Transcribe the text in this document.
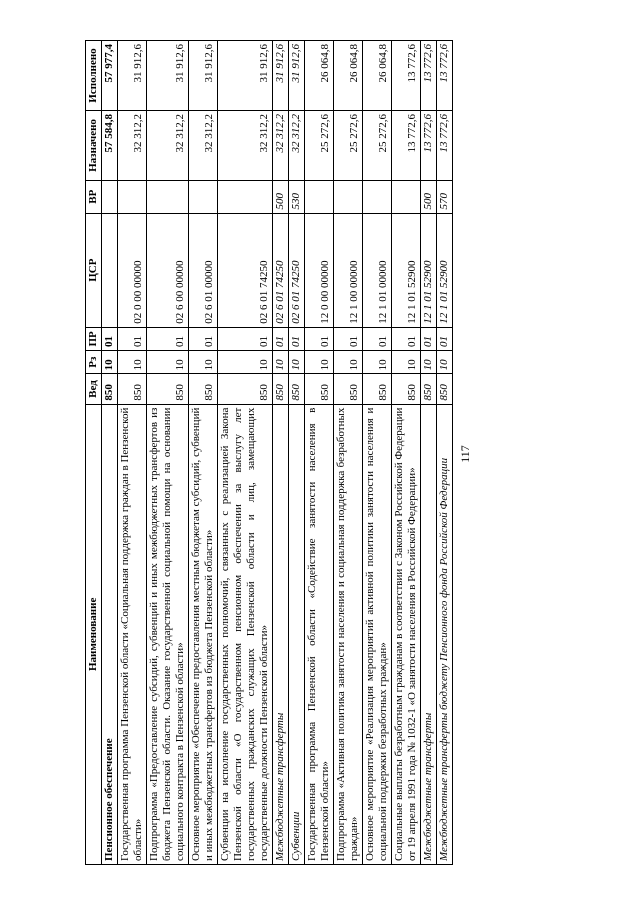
117
Наименование	Вед	Рз	ПР	ЦСР	ВР	Назначено	Исполнено
Пенсионное обеспечение	850	10	01			57 584,8	57 977,4
Государственная программа Пензенской области «Социальная поддержка граждан в Пензенской области»	850	10	01	02 0 00 00000		32 312,2	31 912,6
Подпрограмма «Предоставление субсидий, субвенций и иных межбюджетных трансфертов из бюджета Пензенской области. Оказание государственной социальной помощи на основании социального контракта в Пензенской области»	850	10	01	02 6 00 00000		32 312,2	31 912,6
Основное мероприятие «Обеспечение предоставления местным бюджетам субсидий, субвенций и иных межбюджетных трансфертов из бюджета Пензенской области»	850	10	01	02 6 01 00000		32 312,2	31 912,6
Субвенции на исполнение государственных полномочий, связанных с реализацией Закона Пензенской области «О государственном пенсионном обеспечении за выслугу лет государственных гражданских служащих Пензенской области и лиц, замещающих государственные должности Пензенской области»	850	10	01	02 6 01 74250		32 312,2	31 912,6
Межбюджетные трансферты	850	10	01	02 6 01 74250	500	32 312,2	31 912,6
Субвенции	850	10	01	02 6 01 74250	530	32 312,2	31 912,6
Государственная программа Пензенской области «Содействие занятости населения в Пензенской области»	850	10	01	12 0 00 00000		25 272,6	26 064,8
Подпрограмма «Активная политика занятости населения и социальная поддержка безработных граждан»	850	10	01	12 1 00 00000		25 272,6	26 064,8
Основное мероприятие «Реализация мероприятий активной политики занятости населения и социальной поддержки безработных граждан»	850	10	01	12 1 01 00000		25 272,6	26 064,8
Социальные выплаты безработным гражданам в соответствии с Законом Российской Федерации от 19 апреля 1991 года № 1032-1 «О занятости населения в Российской Федерации»	850	10	01	12 1 01 52900		13 772,6	13 772,6
Межбюджетные трансферты	850	10	01	12 1 01 52900	500	13 772,6	13 772,6
Межбюджетные трансферты бюджету Пенсионного фонда Российской Федерации	850	10	01	12 1 01 52900	570	13 772,6	13 772,6
